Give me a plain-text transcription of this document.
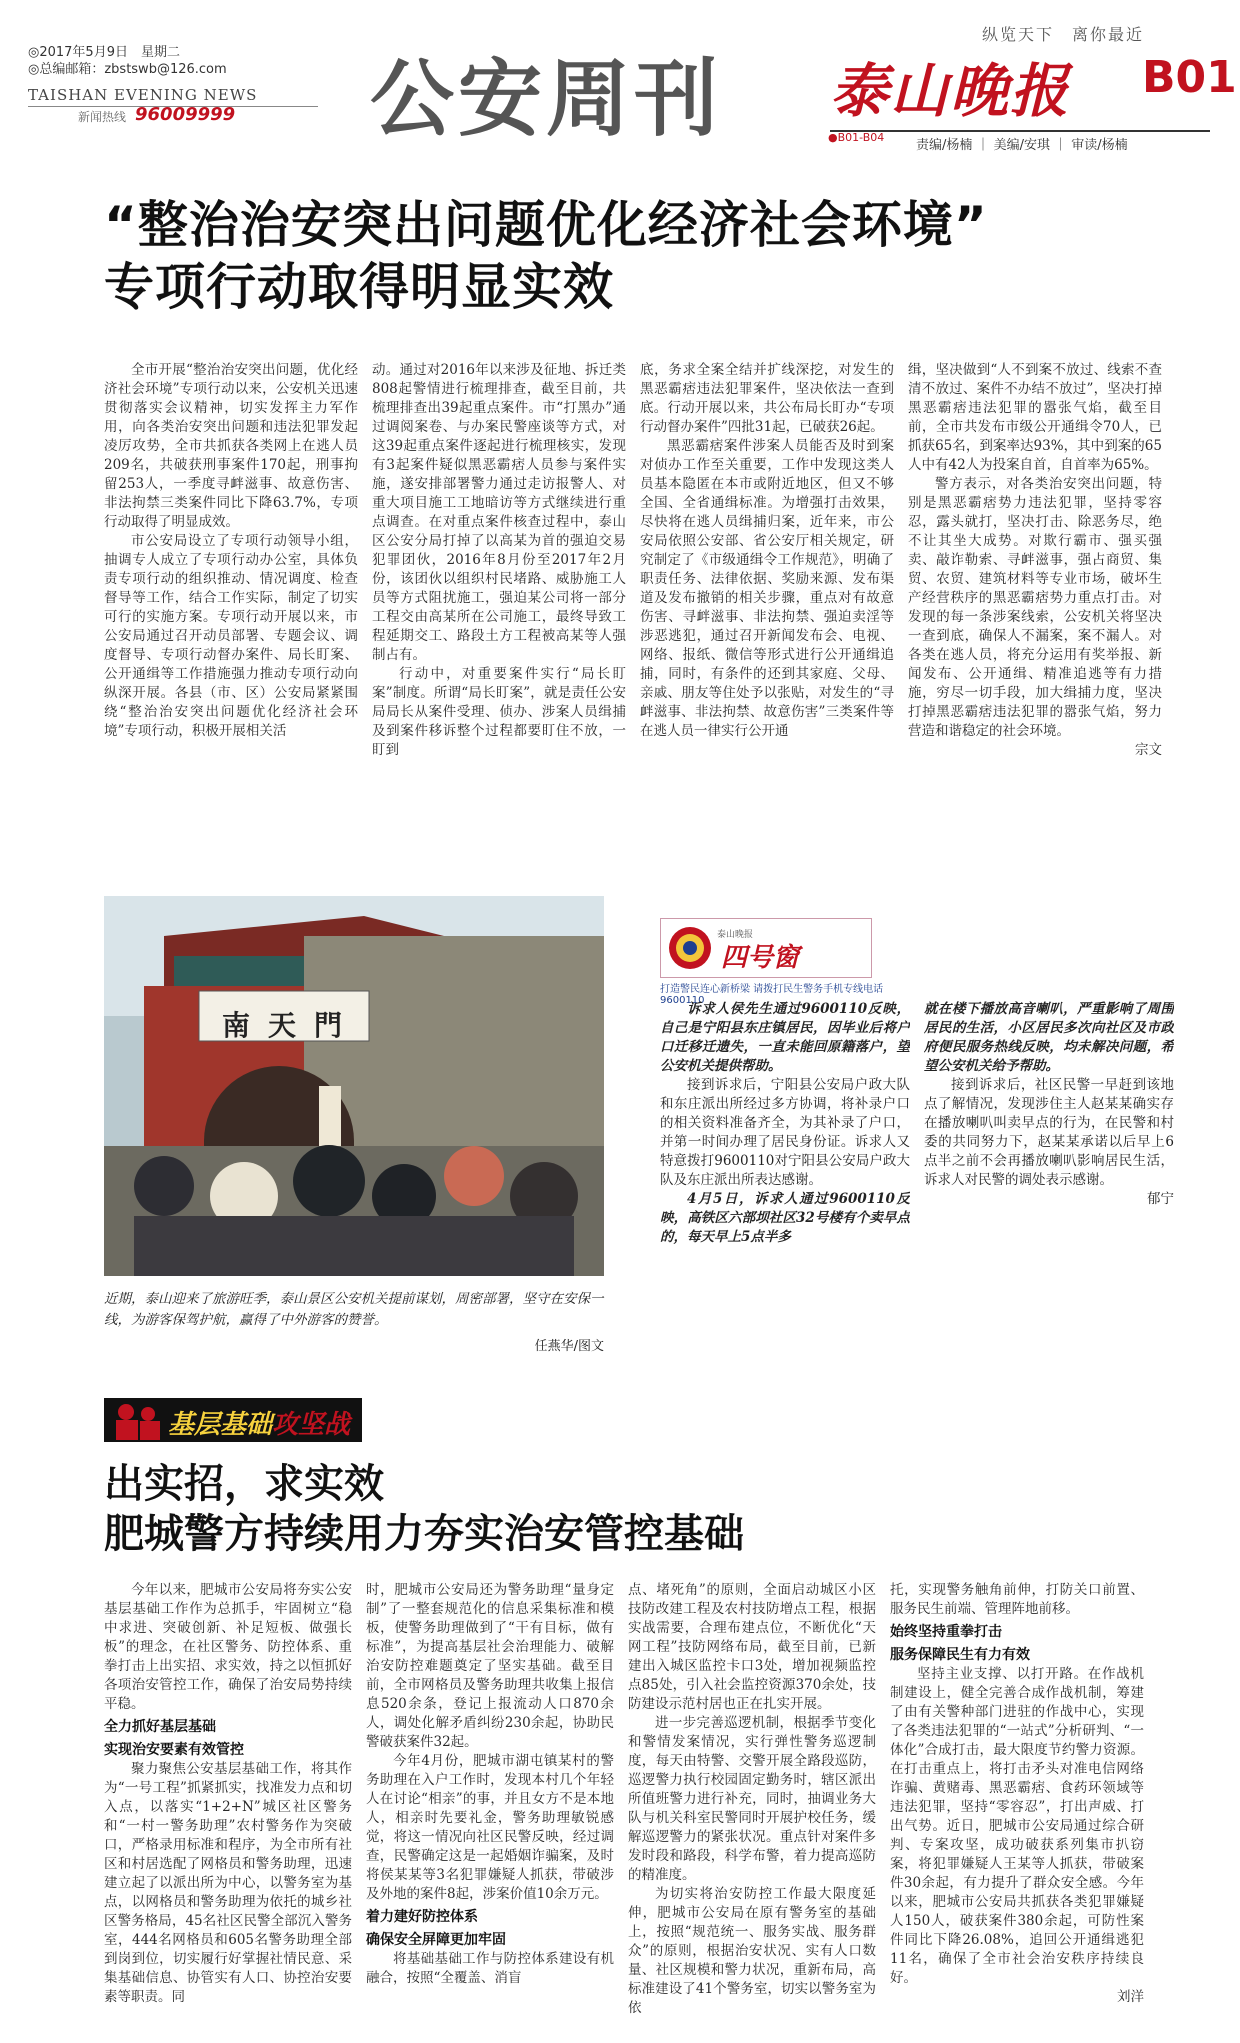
◎2017年5月9日　星期二
◎总编邮箱：zbstswb@126.com
TAISHAN EVENING NEWS
新闻热线 96009999 公安周刊
纵览天下　离你最近
泰山晚报 B01
●B01-B04
责编/杨楠 ｜ 美编/安琪 ｜ 审读/杨楠
“整治治安突出问题优化经济社会环境”
专项行动取得明显实效

全市开展“整治治安突出问题，优化经济社会环境”专项行动以来，公安机关迅速贯彻落实会议精神，切实发挥主力军作用，向各类治安突出问题和违法犯罪发起凌厉攻势，全市共抓获各类网上在逃人员209名，共破获刑事案件170起，刑事拘留253人，一季度寻衅滋事、故意伤害、非法拘禁三类案件同比下降63.7%，专项行动取得了明显成效。

市公安局设立了专项行动领导小组，抽调专人成立了专项行动办公室，具体负责专项行动的组织推动、情况调度、检查督导等工作，结合工作实际，制定了切实可行的实施方案。专项行动开展以来，市公安局通过召开动员部署、专题会议、调度督导、专项行动督办案件、局长盯案、公开通缉等工作措施强力推动专项行动向纵深开展。各县（市、区）公安局紧紧围绕“整治治安突出问题优化经济社会环境”专项行动，积极开展相关活

动。通过对2016年以来涉及征地、拆迁类808起警情进行梳理排查，截至目前，共梳理排查出39起重点案件。市“打黑办”通过调阅案卷、与办案民警座谈等方式，对这39起重点案件逐起进行梳理核实，发现有3起案件疑似黑恶霸痞人员参与案件实施，遂安排部署警力通过走访报警人、对重大项目施工工地暗访等方式继续进行重点调查。在对重点案件核查过程中，泰山区公安分局打掉了以高某为首的强迫交易犯罪团伙，2016年8月份至2017年2月份，该团伙以组织村民堵路、威胁施工人员等方式阻扰施工，强迫某公司将一部分工程交由高某所在公司施工，最终导致工程延期交工、路段土方工程被高某等人强制占有。

行动中，对重要案件实行“局长盯案”制度。所谓“局长盯案”，就是责任公安局局长从案件受理、侦办、涉案人员缉捕及到案件移诉整个过程都要盯住不放，一盯到

底，务求全案全结并扩线深挖，对发生的黑恶霸痞违法犯罪案件，坚决依法一查到底。行动开展以来，共公布局长盯办“专项行动督办案件”四批31起，已破获26起。

黑恶霸痞案件涉案人员能否及时到案对侦办工作至关重要，工作中发现这类人员基本隐匿在本市或附近地区，但又不够全国、全省通缉标准。为增强打击效果，尽快将在逃人员缉捕归案，近年来，市公安局依照公安部、省公安厅相关规定，研究制定了《市级通缉令工作规范》，明确了职责任务、法律依据、奖励来源、发布渠道及发布撤销的相关步骤，重点对有故意伤害、寻衅滋事、非法拘禁、强迫卖淫等涉恶逃犯，通过召开新闻发布会、电视、网络、报纸、微信等形式进行公开通缉追捕，同时，有条件的还到其家庭、父母、亲戚、朋友等住处予以张贴，对发生的“寻衅滋事、非法拘禁、故意伤害”三类案件等在逃人员一律实行公开通

缉，坚决做到“人不到案不放过、线索不查清不放过、案件不办结不放过”，坚决打掉黑恶霸痞违法犯罪的嚣张气焰，截至目前，全市共发布市级公开通缉令70人，已抓获65名，到案率达93%，其中到案的65人中有42人为投案自首，自首率为65%。

警方表示，对各类治安突出问题，特别是黑恶霸痞势力违法犯罪，坚持零容忍，露头就打，坚决打击、除恶务尽，绝不让其坐大成势。对欺行霸市、强买强卖、敲诈勒索、寻衅滋事，强占商贸、集贸、农贸、建筑材料等专业市场，破坏生产经营秩序的黑恶霸痞势力重点打击。对发现的每一条涉案线索，公安机关将坚决一查到底，确保人不漏案，案不漏人。对各类在逃人员，将充分运用有奖举报、新闻发布、公开通缉、精准追逃等有力措施，穷尽一切手段，加大缉捕力度，坚决打掉黑恶霸痞违法犯罪的嚣张气焰，努力营造和谐稳定的社会环境。

宗文
南天門
近期，泰山迎来了旅游旺季，泰山景区公安机关提前谋划，周密部署，坚守在安保一线，为游客保驾护航，赢得了中外游客的赞誉。
任燕华/图文
泰山晚报
四号窗
打造警民连心新桥梁 请拨打民生警务手机专线电话 9600110

诉求人侯先生通过9600110反映，自己是宁阳县东庄镇居民，因毕业后将户口迁移迁遗失，一直未能回原籍落户，望公安机关提供帮助。

接到诉求后，宁阳县公安局户政大队和东庄派出所经过多方协调，将补录户口的相关资料准备齐全，为其补录了户口，并第一时间办理了居民身份证。诉求人又特意拨打9600110对宁阳县公安局户政大队及东庄派出所表达感谢。

4月5日，诉求人通过9600110反映，高铁区六部坝社区32号楼有个卖早点的，每天早上5点半多

就在楼下播放高音喇叭，严重影响了周围居民的生活，小区居民多次向社区及市政府便民服务热线反映，均未解决问题，希望公安机关给予帮助。

接到诉求后，社区民警一早赶到该地点了解情况，发现涉住主人赵某某确实存在播放喇叭叫卖早点的行为，在民警和村委的共同努力下，赵某某承诺以后早上6点半之前不会再播放喇叭影响居民生活，诉求人对民警的调处表示感谢。

郁宁
基层基础攻坚战
出实招，求实效
肥城警方持续用力夯实治安管控基础

今年以来，肥城市公安局将夯实公安基层基础工作作为总抓手，牢固树立“稳中求进、突破创新、补足短板、做强长板”的理念，在社区警务、防控体系、重拳打击上出实招、求实效，持之以恒抓好各项治安管控工作，确保了治安局势持续平稳。

全力抓好基层基础

实现治安要素有效管控

聚力聚焦公安基层基础工作，将其作为“一号工程”抓紧抓实，找准发力点和切入点，以落实“1+2+N”城区社区警务和“一村一警务助理”农村警务作为突破口，严格录用标准和程序，为全市所有社区和村居选配了网格员和警务助理，迅速建立起了以派出所为中心，以警务室为基点，以网格员和警务助理为依托的城乡社区警务格局，45名社区民警全部沉入警务室，444名网格员和605名警务助理全部到岗到位，切实履行好掌握社情民意、采集基础信息、协管实有人口、协控治安要素等职责。同

时，肥城市公安局还为警务助理“量身定制”了一整套规范化的信息采集标准和模板，使警务助理做到了“干有目标，做有标准”，为提高基层社会治理能力、破解治安防控难题奠定了坚实基础。截至目前，全市网格员及警务助理共收集上报信息520余条，登记上报流动人口870余人，调处化解矛盾纠纷230余起，协助民警破获案件32起。

今年4月份，肥城市湖屯镇某村的警务助理在入户工作时，发现本村几个年轻人在讨论“相亲”的事，并且女方不是本地人，相亲时先要礼金，警务助理敏锐感觉，将这一情况向社区民警反映，经过调查，民警确定这是一起婚姻诈骗案，及时将侯某某等3名犯罪嫌疑人抓获，带破涉及外地的案件8起，涉案价值10余万元。

着力建好防控体系

确保安全屏障更加牢固

将基础基础工作与防控体系建设有机融合，按照“全覆盖、消盲

点、堵死角”的原则，全面启动城区小区技防改建工程及农村技防增点工程，根据实战需要，合理布建点位，不断优化“天网工程”技防网络布局，截至目前，已新建出入城区监控卡口3处，增加视频监控点85处，引入社会监控资源370余处，技防建设示范村居也正在扎实开展。

进一步完善巡逻机制，根据季节变化和警情发案情况，实行弹性警务巡逻制度，每天由特警、交警开展全路段巡防，巡逻警力执行校园固定勤务时，辖区派出所值班警力进行补充，同时，抽调业务大队与机关科室民警同时开展护校任务，缓解巡逻警力的紧张状况。重点针对案件多发时段和路段，科学布警，着力提高巡防的精准度。

为切实将治安防控工作最大限度延伸，肥城市公安局在原有警务室的基础上，按照“规范统一、服务实战、服务群众”的原则，根据治安状况、实有人口数量、社区规模和警力状况，重新布局，高标准建设了41个警务室，切实以警务室为依

托，实现警务触角前伸，打防关口前置、服务民生前端、管理阵地前移。

始终坚持重拳打击

服务保障民生有力有效

坚持主业支撑、以打开路。在作战机制建设上，健全完善合成作战机制，筹建了由有关警种部门进驻的作战中心，实现了各类违法犯罪的“一站式”分析研判、“一体化”合成打击，最大限度节约警力资源。在打击重点上，将打击矛头对准电信网络诈骗、黄赌毒、黑恶霸痞、食药环领域等违法犯罪，坚持“零容忍”，打出声威、打出气势。近日，肥城市公安局通过综合研判、专案攻坚，成功破获系列集市扒窃案，将犯罪嫌疑人王某等人抓获，带破案件30余起，有力提升了群众安全感。今年以来，肥城市公安局共抓获各类犯罪嫌疑人150人，破获案件380余起，可防性案件同比下降26.08%，追回公开通缉逃犯11名，确保了全市社会治安秩序持续良好。

刘洋
